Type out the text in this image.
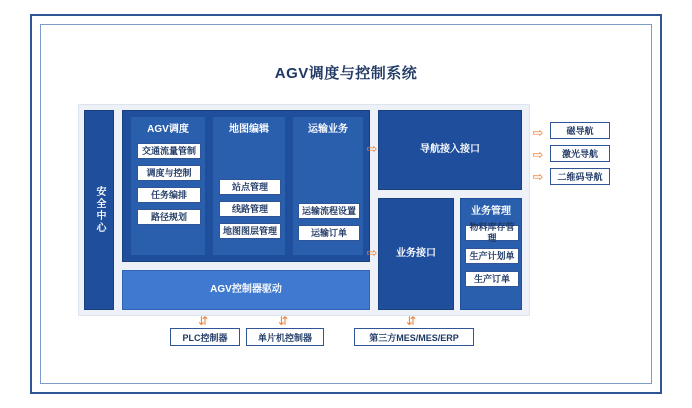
AGV调度与控制系统
安全中心
AGV调度
交通流量管制
调度与控制
任务编排
路径规划
地图编辑
站点管理
线路管理
地图图层管理
运输业务
运输流程设置
运输订单
AGV控制器驱动
导航接入接口
业务接口
业务管理
物料库存管理
生产计划单
生产订单
⇨
⇨
⇨
⇨
⇨
磁导航
激光导航
二维码导航
⇵	⇵	⇵
PLC控制器	单片机控制器	第三方MES/MES/ERP
